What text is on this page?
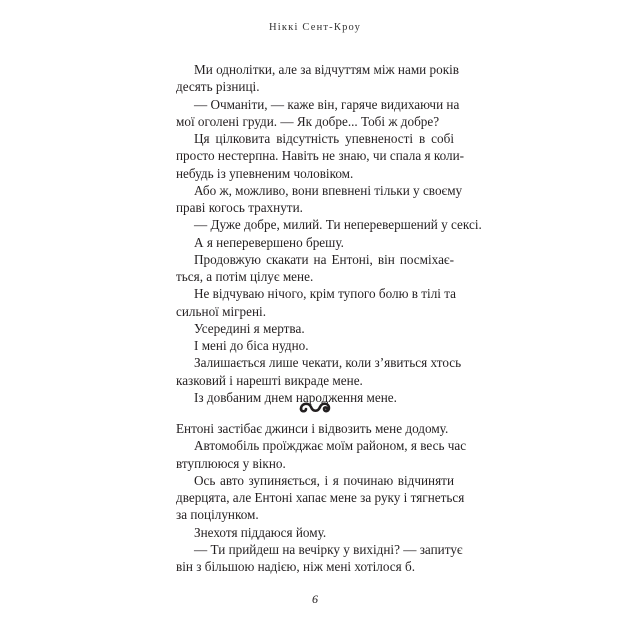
Ніккі Сент-Кроу
Ми однолітки, але за відчуттям між нами років
десять різниці.
— Очманіти, — каже він, гаряче видихаючи на
мої оголені груди. — Як добре... Тобі ж добре?
Ця цілковита відсутність упевненості в собі
просто нестерпна. Навіть не знаю, чи спала я коли-
небудь із упевненим чоловіком.
Або ж, можливо, вони впевнені тільки у своєму
праві когось трахнути.
— Дуже добре, милий. Ти неперевершений у сексі.
А я неперевершено брешу.
Продовжую скакати на Ентоні, він посміхає-
ться, а потім цілує мене.
Не відчуваю нічого, крім тупого болю в тілі та
сильної мігрені.
Усередині я мертва.
І мені до біса нудно.
Залишається лише чекати, коли з’явиться хтось
казковий і нарешті викраде мене.
Із довбаним днем народження мене.
Ентоні застібає джинси і відвозить мене додому.
Автомобіль проїжджає моїм районом, я весь час
втуплююся у вікно.
Ось авто зупиняється, і я починаю відчиняти
дверцята, але Ентоні хапає мене за руку і тягнеться
за поцілунком.
Знехотя піддаюся йому.
— Ти прийдеш на вечірку у вихідні? — запитує
він з більшою надією, ніж мені хотілося б.
6
